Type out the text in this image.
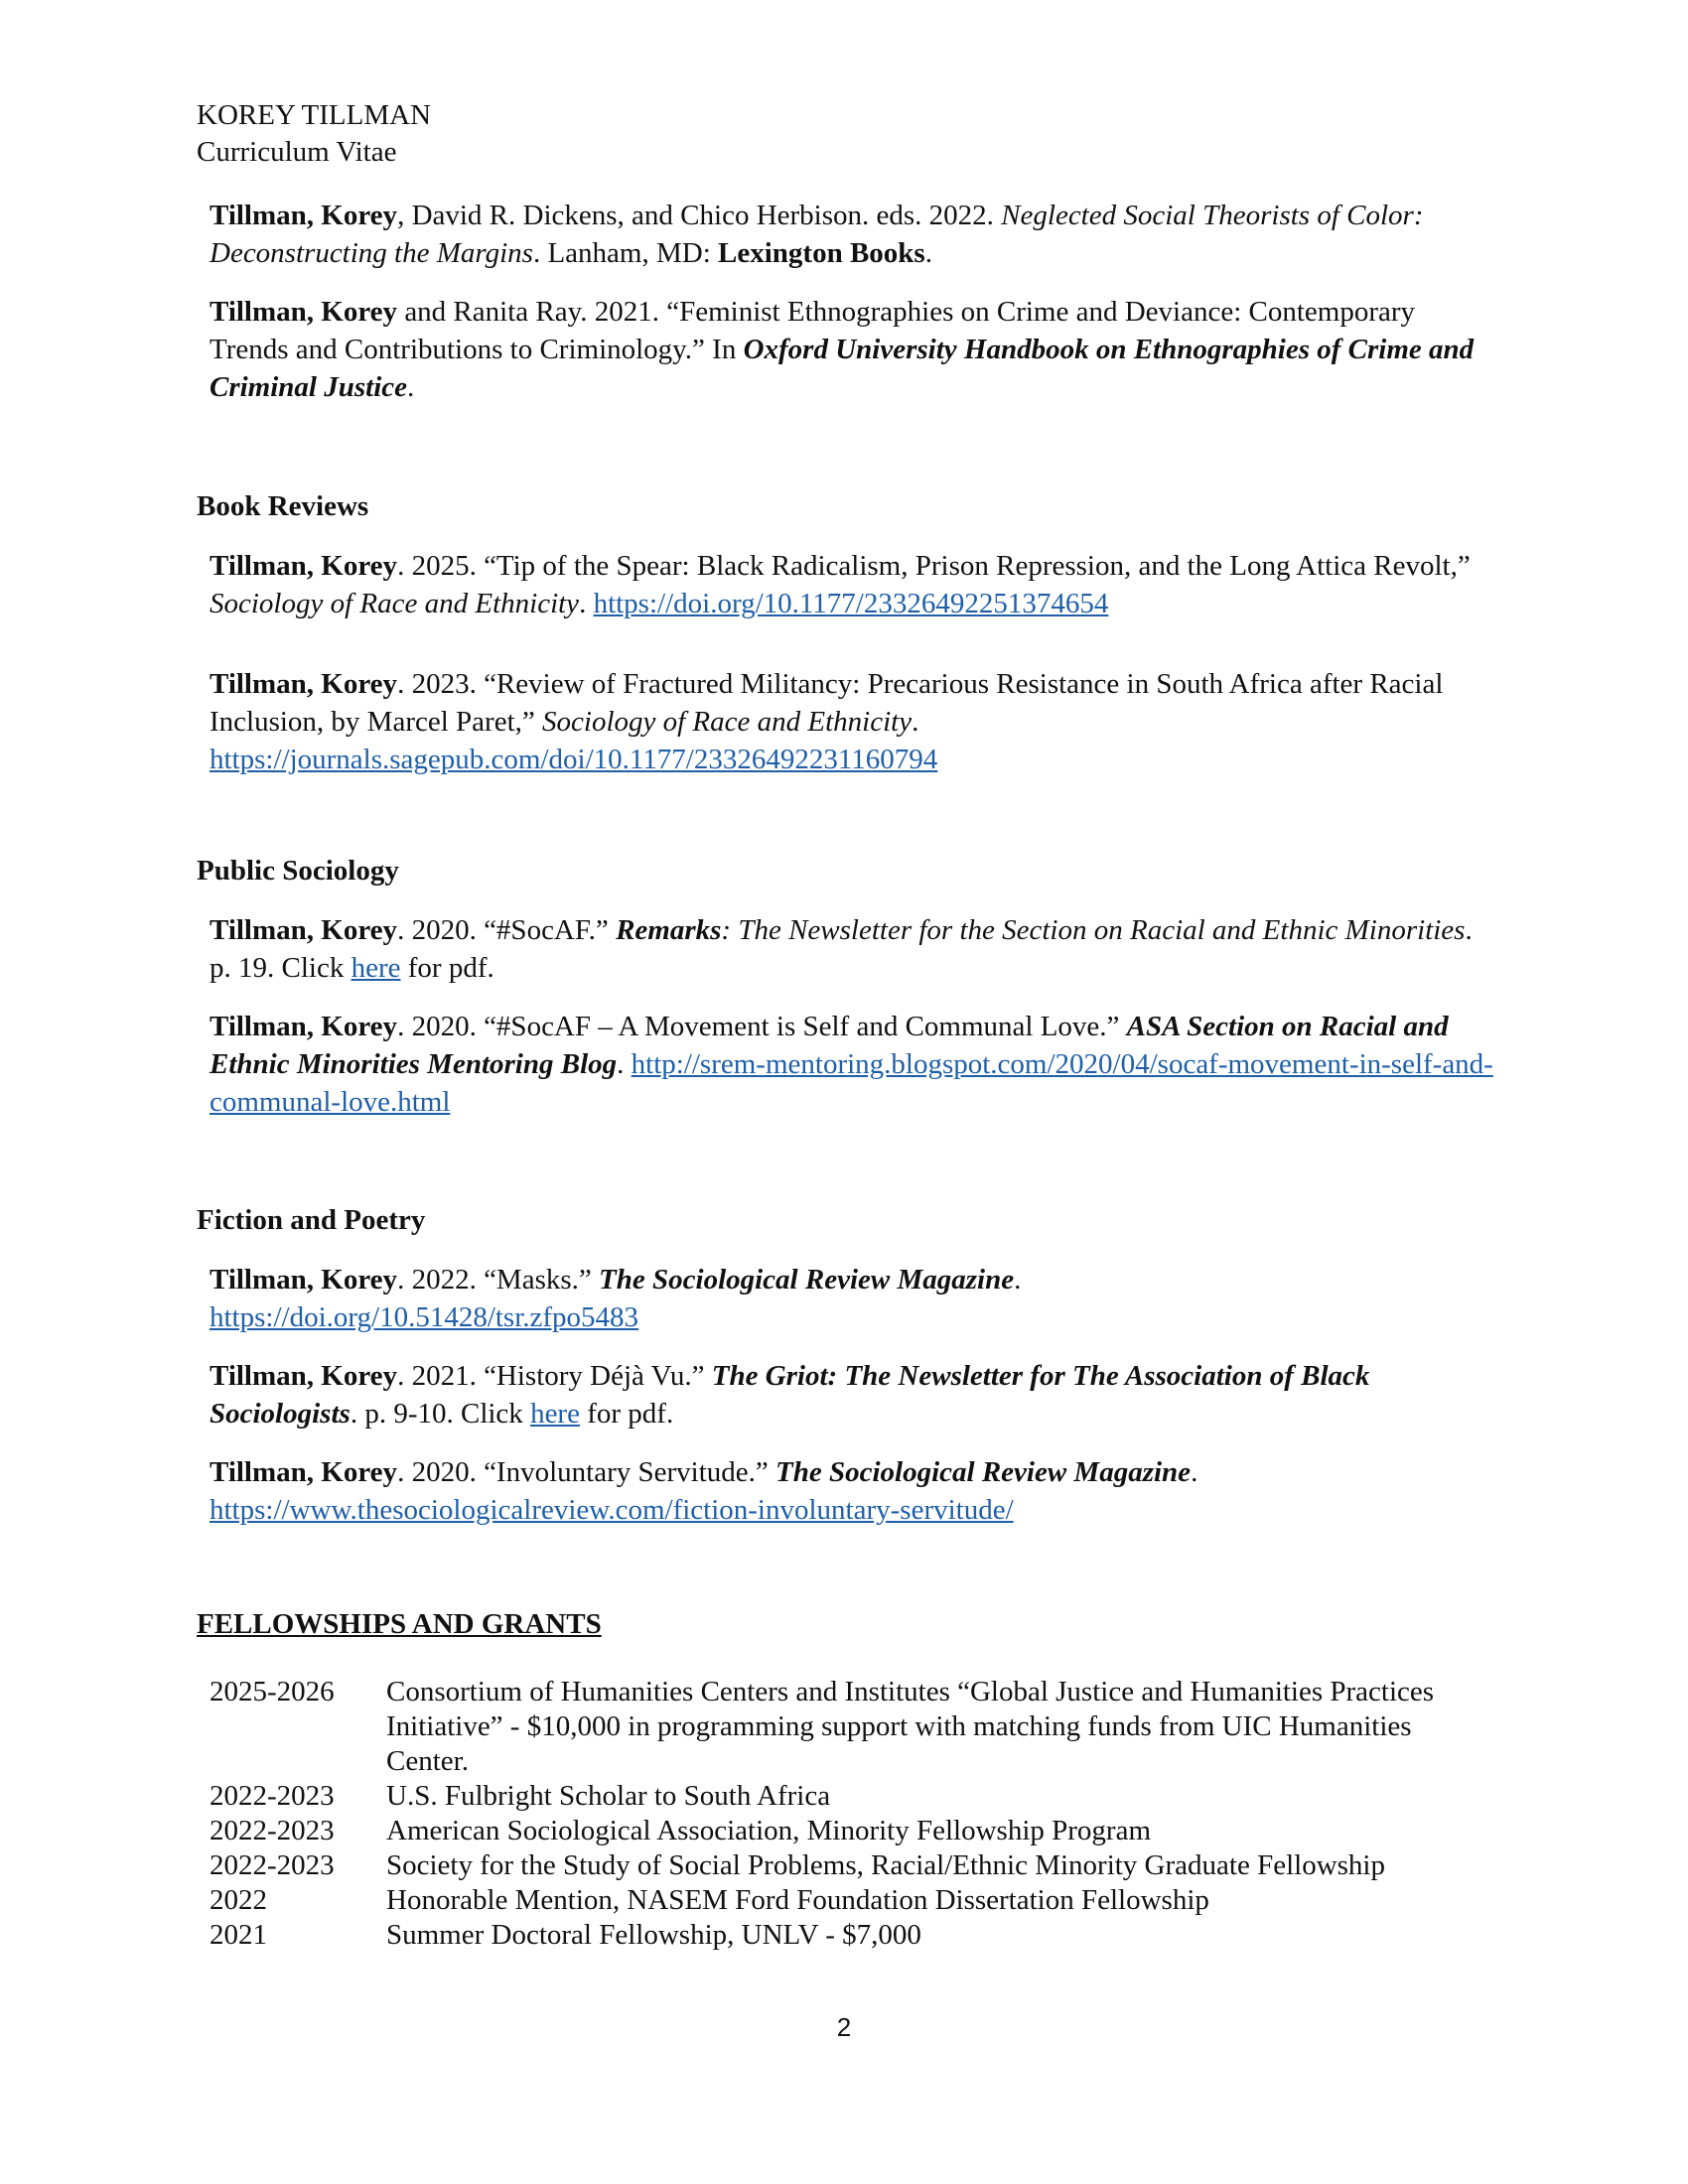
KOREY TILLMAN
Curriculum Vitae

Tillman, Korey, David R. Dickens, and Chico Herbison. eds. 2022. Neglected Social Theorists of Color: Deconstructing the Margins. Lanham, MD: Lexington Books.

Tillman, Korey and Ranita Ray. 2021. “Feminist Ethnographies on Crime and Deviance: Contemporary Trends and Contributions to Criminology.” In Oxford University Handbook on Ethnographies of Crime and Criminal Justice.

Book Reviews

Tillman, Korey. 2025. “Tip of the Spear: Black Radicalism, Prison Repression, and the Long Attica Revolt,” Sociology of Race and Ethnicity. https://doi.org/10.1177/23326492251374654

Tillman, Korey. 2023. “Review of Fractured Militancy: Precarious Resistance in South Africa after Racial Inclusion, by Marcel Paret,” Sociology of Race and Ethnicity.
https://journals.sagepub.com/doi/10.1177/23326492231160794

Public Sociology

Tillman, Korey. 2020. “#SocAF.” Remarks: The Newsletter for the Section on Racial and Ethnic Minorities. p. 19. Click here for pdf.

Tillman, Korey. 2020. “#SocAF – A Movement is Self and Communal Love.” ASA Section on Racial and Ethnic Minorities Mentoring Blog. http://srem-mentoring.blogspot.com/2020/04/socaf-movement-in-self-and-communal-love.html

Fiction and Poetry

Tillman, Korey. 2022. “Masks.” The Sociological Review Magazine.
https://doi.org/10.51428/tsr.zfpo5483

Tillman, Korey. 2021. “History Déjà Vu.” The Griot: The Newsletter for The Association of Black Sociologists. p. 9-10. Click here for pdf.

Tillman, Korey. 2020. “Involuntary Servitude.” The Sociological Review Magazine.
https://www.thesociologicalreview.com/fiction-involuntary-servitude/

FELLOWSHIPS AND GRANTS

2025-2026	Consortium of Humanities Centers and Institutes “Global Justice and Humanities Practices Initiative” - $10,000 in programming support with matching funds from UIC Humanities Center.
2022-2023	U.S. Fulbright Scholar to South Africa
2022-2023	American Sociological Association, Minority Fellowship Program
2022-2023	Society for the Study of Social Problems, Racial/Ethnic Minority Graduate Fellowship
2022	Honorable Mention, NASEM Ford Foundation Dissertation Fellowship
2021	Summer Doctoral Fellowship, UNLV - $7,000
2
